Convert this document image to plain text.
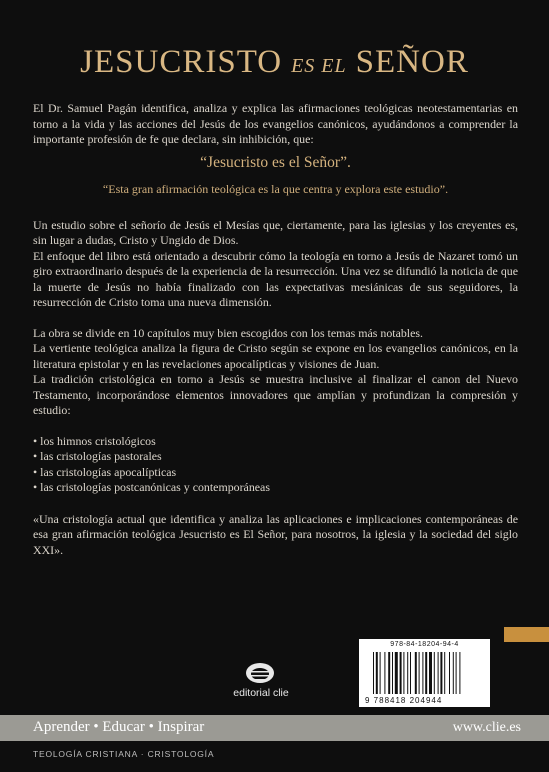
JESUCRISTO ES EL SEÑOR

El Dr. Samuel Pagán identifica, analiza y explica las afirmaciones teológicas neotestamentarias en torno a la vida y las acciones del Jesús de los evangelios canónicos, ayudándonos a comprender la importante profesión de fe que declara, sin inhibición, que:

“Jesucristo es el Señor”.

“Esta gran afirmación teológica es la que centra y explora este estudio”.

Un estudio sobre el señorío de Jesús el Mesías que, ciertamente, para las iglesias y los creyentes es, sin lugar a dudas, Cristo y Ungido de Dios.

El enfoque del libro está orientado a descubrir cómo la teología en torno a Jesús de Nazaret tomó un giro extraordinario después de la experiencia de la resurrección. Una vez se difundió la noticia de que la muerte de Jesús no había finalizado con las expectativas mesiánicas de sus seguidores, la resurrección de Cristo toma una nueva dimensión.

La obra se divide en 10 capítulos muy bien escogidos con los temas más notables.

La vertiente teológica analiza la figura de Cristo según se expone en los evangelios canónicos, en la literatura epistolar y en las revelaciones apocalípticas y visiones de Juan.

La tradición cristológica en torno a Jesús se muestra inclusive al finalizar el canon del Nuevo Testamento, incorporándose elementos innovadores que amplían y profundizan la compresión y estudio:

• los himnos cristológicos
• las cristologías pastorales
• las cristologías apocalípticas
• las cristologías postcanónicas y contemporáneas

«Una cristología actual que identifica y analiza las aplicaciones e implicaciones contemporáneas de esa gran afirmación teológica Jesucristo es El Señor, para nosotros, la iglesia y la sociedad del siglo XXI».

978-84-18204-94-4
9 788418 204944
editorial clie
Aprender • Educar • Inspirar	www.clie.es
TEOLOGÍA CRISTIANA · CRISTOLOGÍA
